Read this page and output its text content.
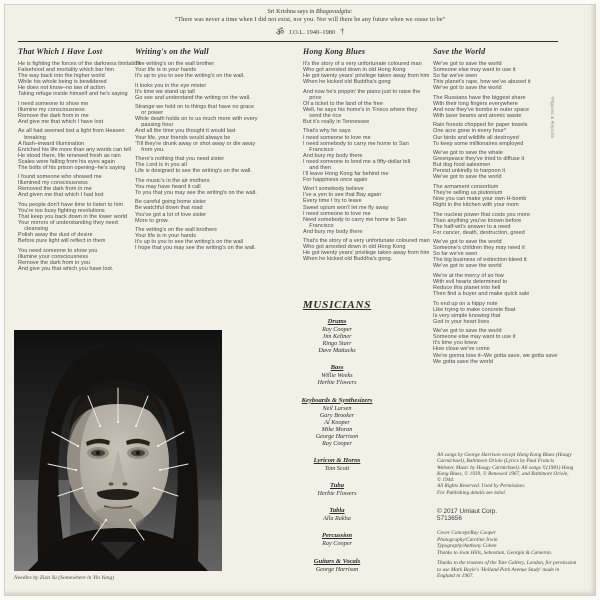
Sri Krishna says in Bhagavadgita:
“There was never a time when I did not exist, nor you. Nor will there be any future when we cease to be”
ॐ J.O.L. 1940–1980 †
That Which I Have Lost
He is fighting the forces of the darkness limitation
Falsehood and mortality which bar him
The way back into the higher world
While his whole being is bewildered
He does not know–no law of action
Taking refuge inside himself and he's saying
I need someone to show me
Illumine my consciousness
Remove the dark from in me
And give me that which I have lost
As all had seemed lost a light from Heaven
breaking
A flash–inward illumination
Enriched his life more than any words can tell
He stood there, life renewed fresh as rain
Scales were falling from his eyes again
The bolts of his prison opening–he's saying
I found someone who showed me
Illumined my consciousness
Removed the dark from in me
And given me that which I had lost
You people don't have time to listen to him
You're too busy fighting revolutions
That keep you back down in the lower world
Your mirrors of understanding they need
cleansing
Polish away the dust of desire
Before pure light will reflect in them
You need someone to show you
Illumine your consciousness
Remove the dark from in you
And give you that which you have lost.
Writing's on the Wall
The writing's on the wall brother
Your life is in your hands
It's up to you to see the writing's on the wall.
It looks you in the eye mister
It's time we stand up tall
Go see and understand the writing on the wall.
Strange we hold on to things that have no grace
or power
While death holds on to us much more with every
passing hour
And all the time you thought it would last
Your life, your friends would always be
'Till they're drunk away or shot away or die away
from you.
There's nothing that you need sister
The Lord is in you all
Life is designed to see the writing's on the wall.
The music's in the air mothers
You may have heard it call
To you that you may see the writing's on the wall.
Be careful going home sister
Be watchful down that road
You've got a lot of love sister
More to grow.
The writing's on the wall brothers
Your life is in your hands
It's up to you to see the writing's on the wall
I hope that you may see the writing's on the wall.
Hong Kong Blues
It's the story of a very unfortunate coloured man
Who got arrested down in old Hong Kong
He got twenty years' privilege taken away from him
When he kicked old Buddha's gong
And now he's poppin' the piano just to raise the
price
Of a ticket to the land of the free
Well, he says his home's in 'Frisco where they
send the rice
But it's really in Tennessee
That's why he says
I need someone to love me
I need somebody to carry me home to San
Francisco
And bury my body there
I need someone to lend me a fifty-dollar bill
and then
I'll leave Hong Kong far behind me
For happiness once again
Won't somebody believe
I've a yen to see that Bay again
Every time I try to leave
Sweet opium won't let me fly away
I need someone to love me
Need somebody to carry me home to San
Francisco
And bury my body there
That's the story of a very unfortunate coloured man
Who got arrested down in old Hong Kong
He got twenty years' privilege taken away from him
When he kicked old Buddha's gong.
Save the World
We've got to save the world
Someone else may want to use it
So far we've seen
This planet's rape, how we've abused it
We've got to save the world
The Russians have the biggest share
With their long fingers everywhere
And now they've bombs in outer space
With laser beams and atomic waste
Rain forests chopped for paper towels
One acre gone in every hour*
Our birds and wildlife all destroyed
To keep some millionaires employed
We've got to save the whale
Greenpeace they've tried to diffuse it
But dog food salesmen
Persist unkindly to harpoon it
We've got to save the world
The armament consortium
They're selling us plutonium
Now you can make your own H-bomb
Right in the kitchen with your mom
The nuclear power that costs you more
Than anything you've known before
The half-wit's answer to a need
For cancer, death, destruction, greed
We've got to save the world
Someone's children they may need it
So far we've seen
The big business of extinction bleed it
We've got to save the world
We're at the mercy of so few
With evil hearts determined to
Reduce this planet into hell
Then find a buyer and make quick sale
To end up on a hippy note
Like trying to make concrete float
Is very simple knowing that
God in your heart lives
We've got to save the world
Someone else may want to use it
It's time you knew
How close we've come
We're gonna lose it–We gotta save, we gotta save
We gotta save the world
*Figures & Reports
MUSICIANS
Drums
Ray Cooper
Jim Keltner
Ringo Starr
Dave Mattacks
Bass
Willie Weeks
Herbie Flowers
Keyboards & Synthesizers
Neil Larsen
Gary Brooker
Al Kooper
Mike Moran
George Harrison
Ray Cooper
Lyricon & Horns
Tom Scott
Tuba
Herbie Flowers
Tabla
Alla Rakha
Percussion
Ray Cooper
Guitars & Vocals
George Harrison
Needles by Zion Yu (Somewhere in Yin Yang)
All songs by George Harrison except Hong Kong Blues (Hoagy
Carmichael), Baltimore Oriole (Lyrics by Paul Francis
Webster, Music by Hoagy Carmichael). All songs ©(1981) Hong
Kong Blues, © 1939, © Renewed 1967, and Baltimore Oriole,
© 1944.
All Rights Reserved. Used by Permission.
For Publishing details see label.
© 2017 Umlaut Corp.
5713656
Cover Concept/Ray Cooper
Photography/Caroline Irwin
Typography/Anthony Cohen
Thanks to Joan Hills, Sebastian, Georgia & Cameron.
Thanks to the trustees of the Tate Gallery, London, for permission
to use Mark Boyle's 'Holland Park Avenue Study' made in
England in 1967.
